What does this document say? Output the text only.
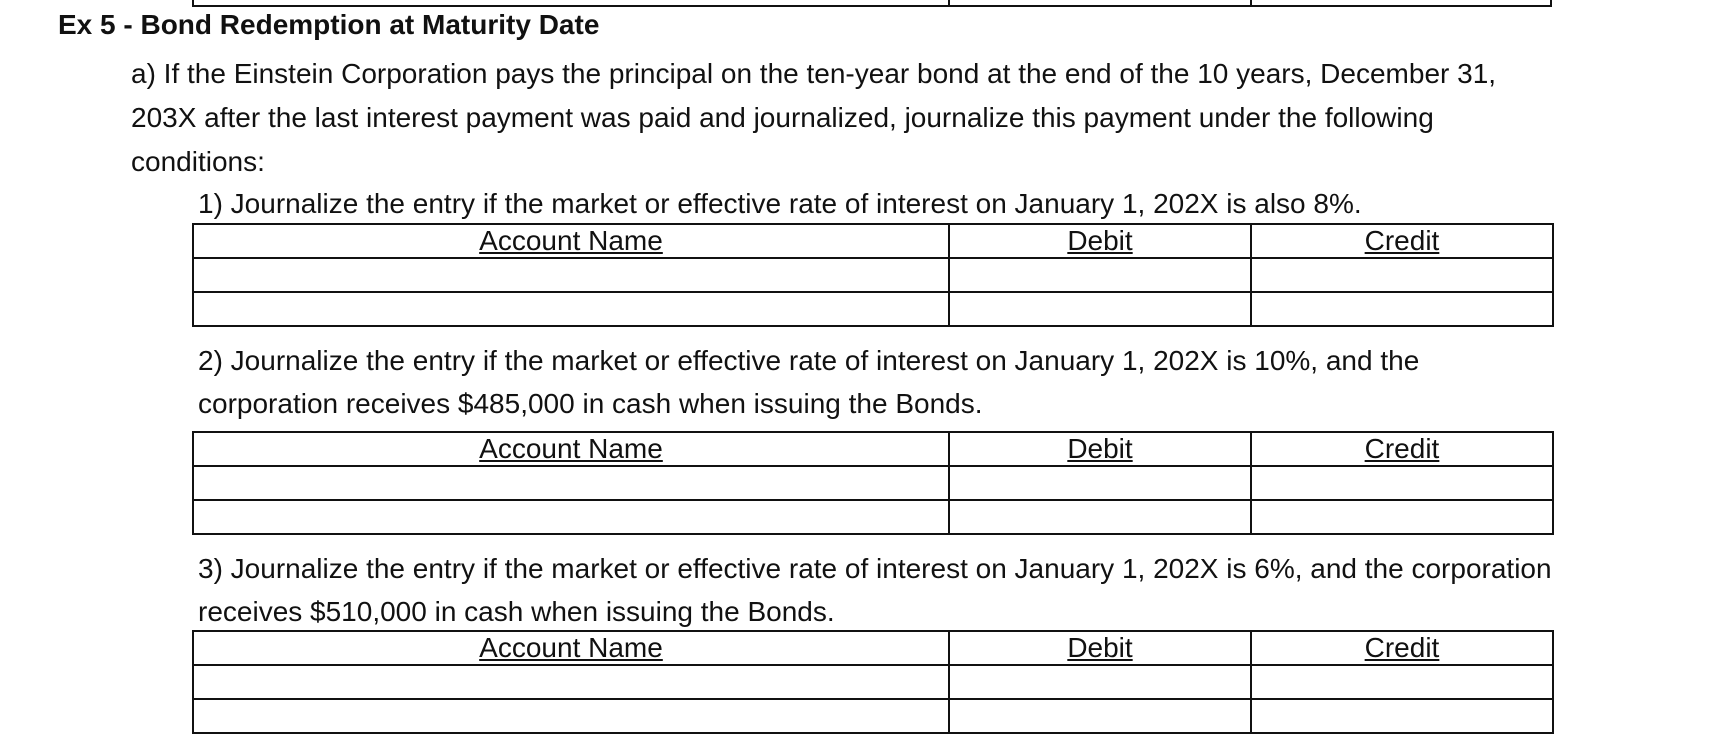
Ex 5 - Bond Redemption at Maturity Date
a) If the Einstein Corporation pays the principal on the ten-year bond at the end of the 10 years, December 31,
203X after the last interest payment was paid and journalized, journalize this payment under the following
conditions:
1) Journalize the entry if the market or effective rate of interest on January 1, 202X is also 8%.
Account Name	Debit	Credit

2) Journalize the entry if the market or effective rate of interest on January 1, 202X is 10%, and the
corporation receives $485,000 in cash when issuing the Bonds.
Account Name	Debit	Credit

3) Journalize the entry if the market or effective rate of interest on January 1, 202X is 6%, and the corporation
receives $510,000 in cash when issuing the Bonds.
Account Name	Debit	Credit
